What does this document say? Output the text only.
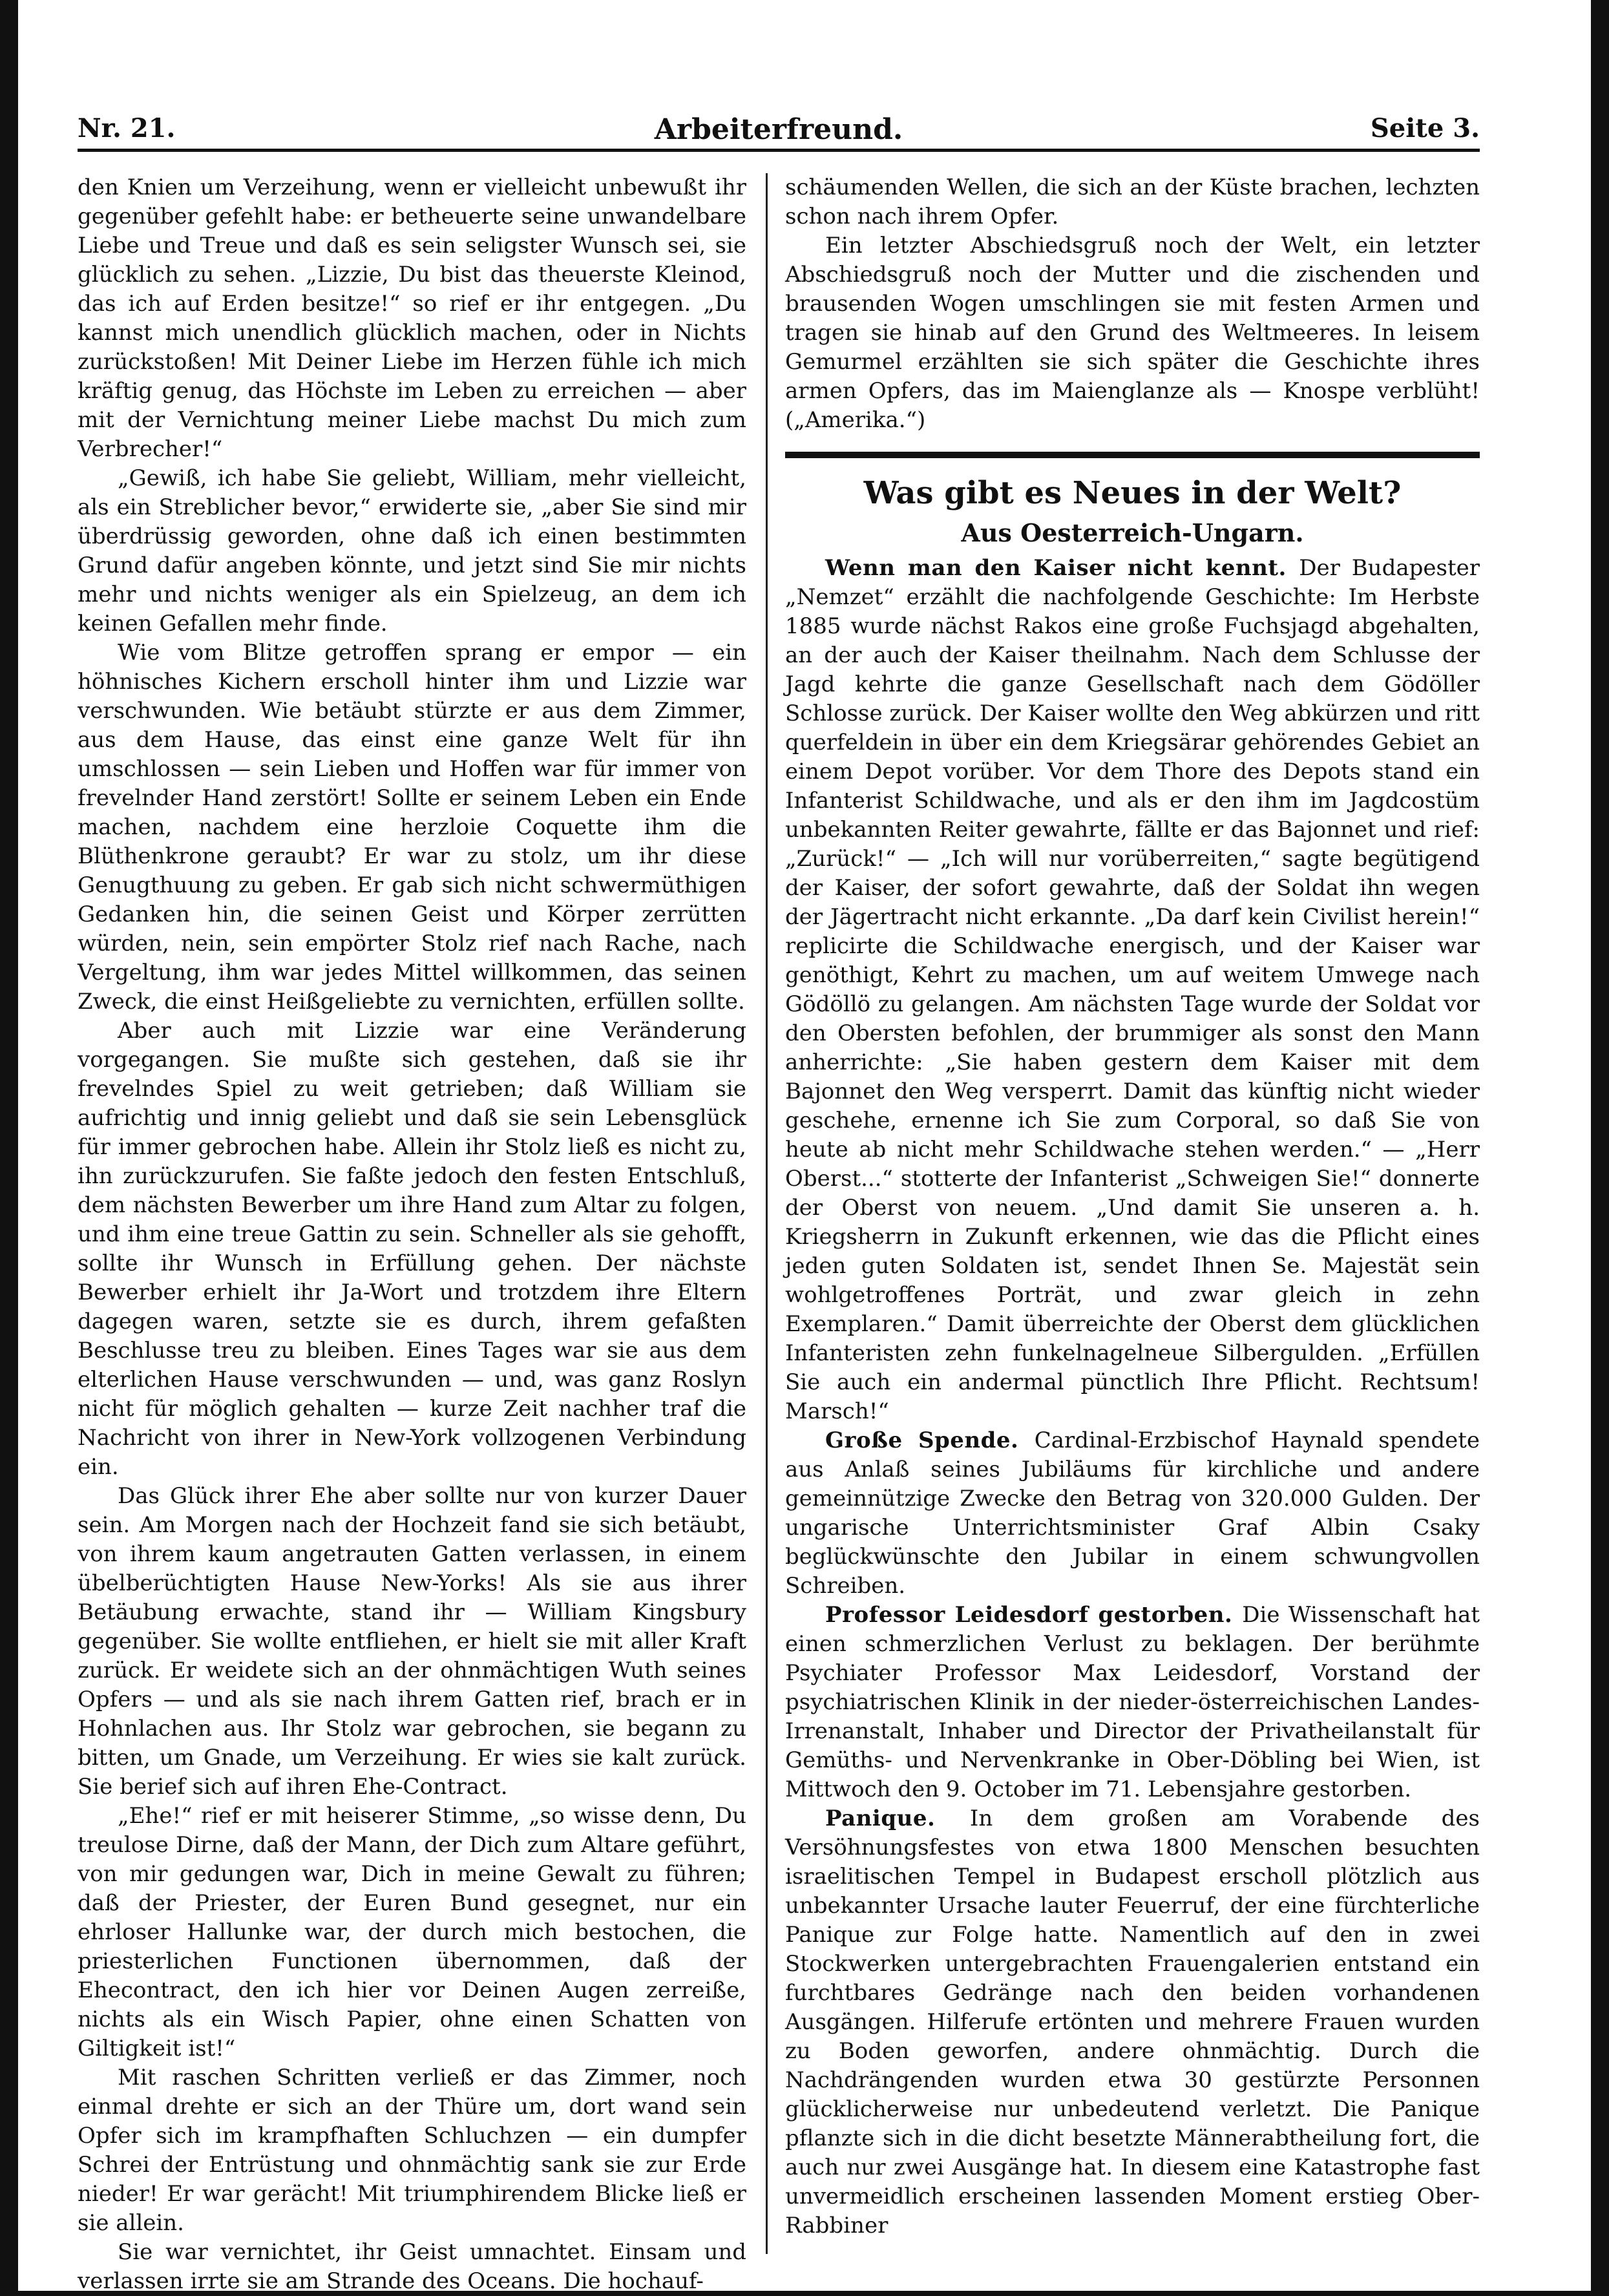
Nr. 21.	Arbeiterfreund.	Seite 3.

den Knien um Verzeihung, wenn er vielleicht unbewußt ihr gegenüber gefehlt habe: er betheuerte seine unwandelbare Liebe und Treue und daß es sein seligster Wunsch sei, sie glücklich zu sehen. „Lizzie, Du bist das theuerste Kleinod, das ich auf Erden besitze!“ so rief er ihr entgegen. „Du kannst mich unendlich glücklich machen, oder in Nichts zurückstoßen! Mit Deiner Liebe im Herzen fühle ich mich kräftig genug, das Höchste im Leben zu erreichen — aber mit der Vernichtung meiner Liebe machst Du mich zum Verbrecher!“

„Gewiß, ich habe Sie geliebt, William, mehr vielleicht, als ein Streblicher bevor,“ erwiderte sie, „aber Sie sind mir überdrüssig geworden, ohne daß ich einen bestimmten Grund dafür angeben könnte, und jetzt sind Sie mir nichts mehr und nichts weniger als ein Spielzeug, an dem ich keinen Gefallen mehr finde.

Wie vom Blitze getroffen sprang er empor — ein höhnisches Kichern erscholl hinter ihm und Lizzie war verschwunden. Wie betäubt stürzte er aus dem Zimmer, aus dem Hause, das einst eine ganze Welt für ihn umschlossen — sein Lieben und Hoffen war für immer von frevelnder Hand zerstört! Sollte er seinem Leben ein Ende machen, nachdem eine herzloie Coquette ihm die Blüthenkrone geraubt? Er war zu stolz, um ihr diese Genugthuung zu geben. Er gab sich nicht schwermüthigen Gedanken hin, die seinen Geist und Körper zerrütten würden, nein, sein empörter Stolz rief nach Rache, nach Vergeltung, ihm war jedes Mittel willkommen, das seinen Zweck, die einst Heißgeliebte zu vernichten, erfüllen sollte.

Aber auch mit Lizzie war eine Veränderung vorgegangen. Sie mußte sich gestehen, daß sie ihr frevelndes Spiel zu weit getrieben; daß William sie aufrichtig und innig geliebt und daß sie sein Lebensglück für immer gebrochen habe. Allein ihr Stolz ließ es nicht zu, ihn zurückzurufen. Sie faßte jedoch den festen Entschluß, dem nächsten Bewerber um ihre Hand zum Altar zu folgen, und ihm eine treue Gattin zu sein. Schneller als sie gehofft, sollte ihr Wunsch in Erfüllung gehen. Der nächste Bewerber erhielt ihr Ja-Wort und trotzdem ihre Eltern dagegen waren, setzte sie es durch, ihrem gefaßten Beschlusse treu zu bleiben. Eines Tages war sie aus dem elterlichen Hause verschwunden — und, was ganz Roslyn nicht für möglich gehalten — kurze Zeit nachher traf die Nachricht von ihrer in New-York vollzogenen Verbindung ein.

Das Glück ihrer Ehe aber sollte nur von kurzer Dauer sein. Am Morgen nach der Hochzeit fand sie sich betäubt, von ihrem kaum angetrauten Gatten verlassen, in einem übelberüchtigten Hause New-Yorks! Als sie aus ihrer Betäubung erwachte, stand ihr — William Kingsbury gegenüber. Sie wollte entfliehen, er hielt sie mit aller Kraft zurück. Er weidete sich an der ohnmächtigen Wuth seines Opfers — und als sie nach ihrem Gatten rief, brach er in Hohnlachen aus. Ihr Stolz war gebrochen, sie begann zu bitten, um Gnade, um Verzeihung. Er wies sie kalt zurück. Sie berief sich auf ihren Ehe-Contract.

„Ehe!“ rief er mit heiserer Stimme, „so wisse denn, Du treulose Dirne, daß der Mann, der Dich zum Altare geführt, von mir gedungen war, Dich in meine Gewalt zu führen; daß der Priester, der Euren Bund gesegnet, nur ein ehrloser Hallunke war, der durch mich bestochen, die priesterlichen Functionen übernommen, daß der Ehecontract, den ich hier vor Deinen Augen zerreiße, nichts als ein Wisch Papier, ohne einen Schatten von Giltigkeit ist!“

Mit raschen Schritten verließ er das Zimmer, noch einmal drehte er sich an der Thüre um, dort wand sein Opfer sich im krampfhaften Schluchzen — ein dumpfer Schrei der Entrüstung und ohnmächtig sank sie zur Erde nieder! Er war gerächt! Mit triumphirendem Blicke ließ er sie allein.

Sie war vernichtet, ihr Geist umnachtet. Einsam und verlassen irrte sie am Strande des Oceans. Die hochauf-

schäumenden Wellen, die sich an der Küste brachen, lechzten schon nach ihrem Opfer.

Ein letzter Abschiedsgruß noch der Welt, ein letzter Abschiedsgruß noch der Mutter und die zischenden und brausenden Wogen umschlingen sie mit festen Armen und tragen sie hinab auf den Grund des Weltmeeres. In leisem Gemurmel erzählten sie sich später die Geschichte ihres armen Opfers, das im Maienglanze als — Knospe verblüht! („Amerika.“)

Was gibt es Neues in der Welt?
Aus Oesterreich-Ungarn.

Wenn man den Kaiser nicht kennt. Der Budapester „Nemzet“ erzählt die nachfolgende Geschichte: Im Herbste 1885 wurde nächst Rakos eine große Fuchsjagd abgehalten, an der auch der Kaiser theilnahm. Nach dem Schlusse der Jagd kehrte die ganze Gesellschaft nach dem Gödöller Schlosse zurück. Der Kaiser wollte den Weg abkürzen und ritt querfeldein in über ein dem Kriegsärar gehörendes Gebiet an einem Depot vorüber. Vor dem Thore des Depots stand ein Infanterist Schildwache, und als er den ihm im Jagdcostüm unbekannten Reiter gewahrte, fällte er das Bajonnet und rief: „Zurück!“ — „Ich will nur vorüberreiten,“ sagte begütigend der Kaiser, der sofort gewahrte, daß der Soldat ihn wegen der Jägertracht nicht erkannte. „Da darf kein Civilist herein!“ replicirte die Schildwache energisch, und der Kaiser war genöthigt, Kehrt zu machen, um auf weitem Umwege nach Gödöllö zu gelangen. Am nächsten Tage wurde der Soldat vor den Obersten befohlen, der brummiger als sonst den Mann anherrichte: „Sie haben gestern dem Kaiser mit dem Bajonnet den Weg versperrt. Damit das künftig nicht wieder geschehe, ernenne ich Sie zum Corporal, so daß Sie von heute ab nicht mehr Schildwache stehen werden.“ — „Herr Oberst...“ stotterte der Infanterist „Schweigen Sie!“ donnerte der Oberst von neuem. „Und damit Sie unseren a. h. Kriegsherrn in Zukunft erkennen, wie das die Pflicht eines jeden guten Soldaten ist, sendet Ihnen Se. Majestät sein wohlgetroffenes Porträt, und zwar gleich in zehn Exemplaren.“ Damit überreichte der Oberst dem glücklichen Infanteristen zehn funkelnagelneue Silbergulden. „Erfüllen Sie auch ein andermal pünctlich Ihre Pflicht. Rechtsum! Marsch!“

Große Spende. Cardinal-Erzbischof Haynald spendete aus Anlaß seines Jubiläums für kirchliche und andere gemeinnützige Zwecke den Betrag von 320.000 Gulden. Der ungarische Unterrichtsminister Graf Albin Csaky beglückwünschte den Jubilar in einem schwungvollen Schreiben.

Professor Leidesdorf gestorben. Die Wissenschaft hat einen schmerzlichen Verlust zu beklagen. Der berühmte Psychiater Professor Max Leidesdorf, Vorstand der psychiatrischen Klinik in der nieder-österreichischen Landes-Irrenanstalt, Inhaber und Director der Privatheilanstalt für Gemüths- und Nervenkranke in Ober-Döbling bei Wien, ist Mittwoch den 9. October im 71. Lebensjahre gestorben.

Panique. In dem großen am Vorabende des Versöhnungsfestes von etwa 1800 Menschen besuchten israelitischen Tempel in Budapest erscholl plötzlich aus unbekannter Ursache lauter Feuerruf, der eine fürchterliche Panique zur Folge hatte. Namentlich auf den in zwei Stockwerken untergebrachten Frauengalerien entstand ein furchtbares Gedränge nach den beiden vorhandenen Ausgängen. Hilferufe ertönten und mehrere Frauen wurden zu Boden geworfen, andere ohnmächtig. Durch die Nachdrängenden wurden etwa 30 gestürzte Personnen glücklicherweise nur unbedeutend verletzt. Die Panique pflanzte sich in die dicht besetzte Männerabtheilung fort, die auch nur zwei Ausgänge hat. In diesem eine Katastrophe fast unvermeidlich erscheinen lassenden Moment erstieg Ober-Rabbiner
